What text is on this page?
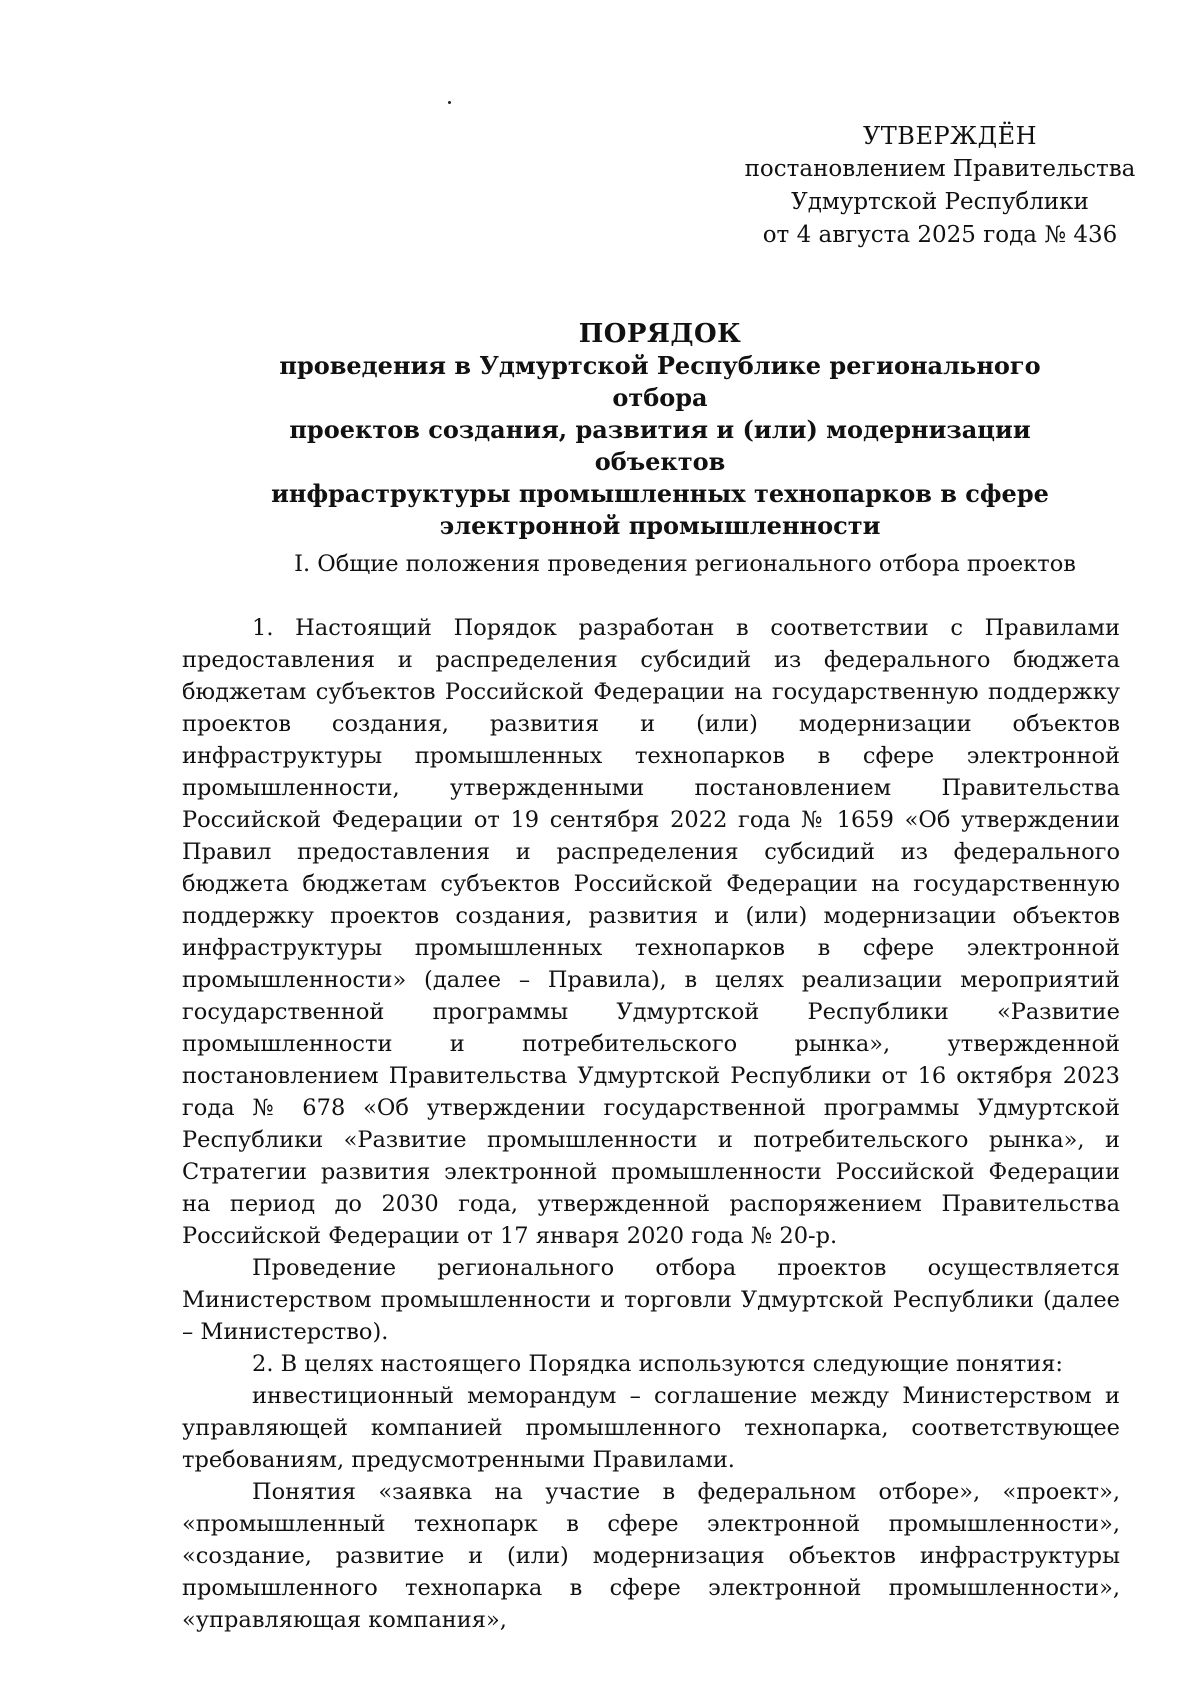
УТВЕРЖДЁН
постановлением Правительства
Удмуртской Республики
от 4 августа 2025 года № 436
ПОРЯДОК
проведения в Удмуртской Республике регионального отбора
проектов создания, развития и (или) модернизации объектов
инфраструктуры промышленных технопарков в сфере
электронной промышленности
I. Общие положения проведения регионального отбора проектов

1. Настоящий Порядок разработан в соответствии с Правилами предоставления и распределения субсидий из федерального бюджета бюджетам субъектов Российской Федерации на государственную поддержку проектов создания, развития и (или) модернизации объектов инфраструктуры промышленных технопарков в сфере электронной промышленности, утвержденными постановлением Правительства Российской Федерации от 19 сентября 2022 года № 1659 «Об утверждении Правил предоставления и распределения субсидий из федерального бюджета бюджетам субъектов Российской Федерации на государственную поддержку проектов создания, развития и (или) модернизации объектов инфраструктуры промышленных технопарков в сфере электронной промышленности» (далее – Правила), в целях реализации мероприятий государственной программы Удмуртской Республики «Развитие промышленности и потребительского рынка», утвержденной постановлением Правительства Удмуртской Республики от 16 октября 2023 года № 678 «Об утверждении государственной программы Удмуртской Республики «Развитие промышленности и потребительского рынка», и Стратегии развития электронной промышленности Российской Федерации на период до 2030 года, утвержденной распоряжением Правительства Российской Федерации от 17 января 2020 года № 20-р.

Проведение регионального отбора проектов осуществляется Министерством промышленности и торговли Удмуртской Республики (далее – Министерство).

2. В целях настоящего Порядка используются следующие понятия:

инвестиционный меморандум – соглашение между Министерством и управляющей компанией промышленного технопарка, соответствующее требованиям, предусмотренными Правилами.

Понятия «заявка на участие в федеральном отборе», «проект», «промышленный технопарк в сфере электронной промышленности», «создание, развитие и (или) модернизация объектов инфраструктуры промышленного технопарка в сфере электронной промышленности», «управляющая компания»,
